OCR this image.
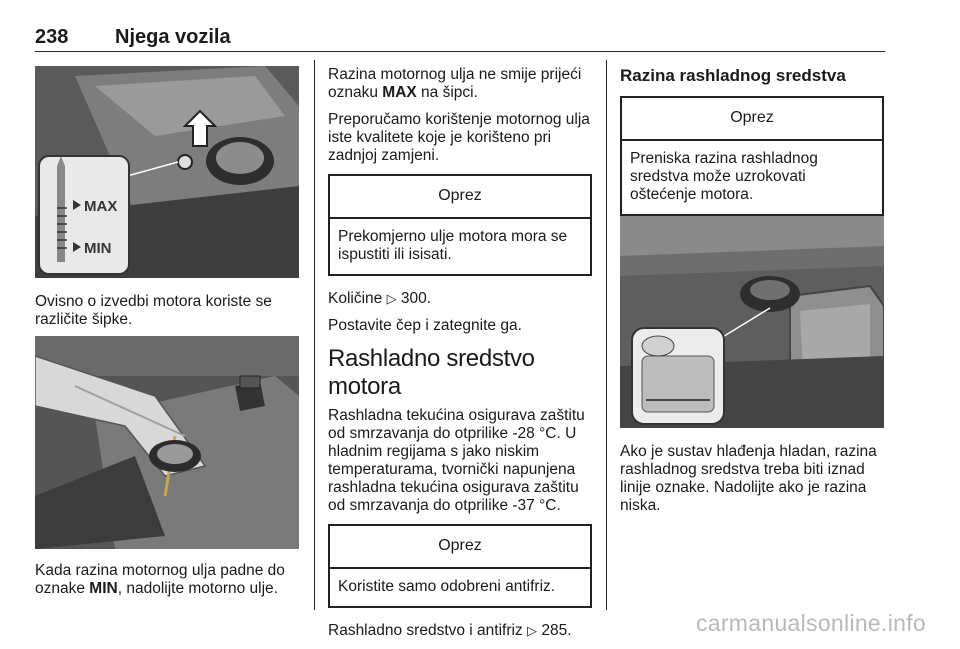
238 Njega vozila
MAX
MIN

Ovisno o izvedbi motora koriste se različite šipke.

Kada razina motornog ulja padne do oznake MIN, nadolijte motorno ulje.

Razina motornog ulja ne smije prijeći oznaku MAX na šipci.

Preporučamo korištenje motornog ulja iste kvalitete koje je korišteno pri zadnjoj zamjeni.

Oprez
Prekomjerno ulje motora mora se ispustiti ili isisati.

Količine ▷ 300.

Postavite čep i zategnite ga.

Rashladno sredstvo motora

Rashladna tekućina osigurava zaštitu od smrzavanja do otprilike -28 °C. U hladnim regijama s jako niskim temperaturama, tvornički napunjena rashladna tekućina osigurava zaštitu od smrzavanja do otprilike -37 °C.

Oprez
Koristite samo odobreni antifriz.

Rashladno sredstvo i antifriz ▷ 285.

Razina rashladnog sredstva

Oprez
Preniska razina rashladnog sredstva može uzrokovati oštećenje motora.

Ako je sustav hlađenja hladan, razina rashladnog sredstva treba biti iznad linije oznake. Nadolijte ako je razina niska.

carmanualsonline.info
